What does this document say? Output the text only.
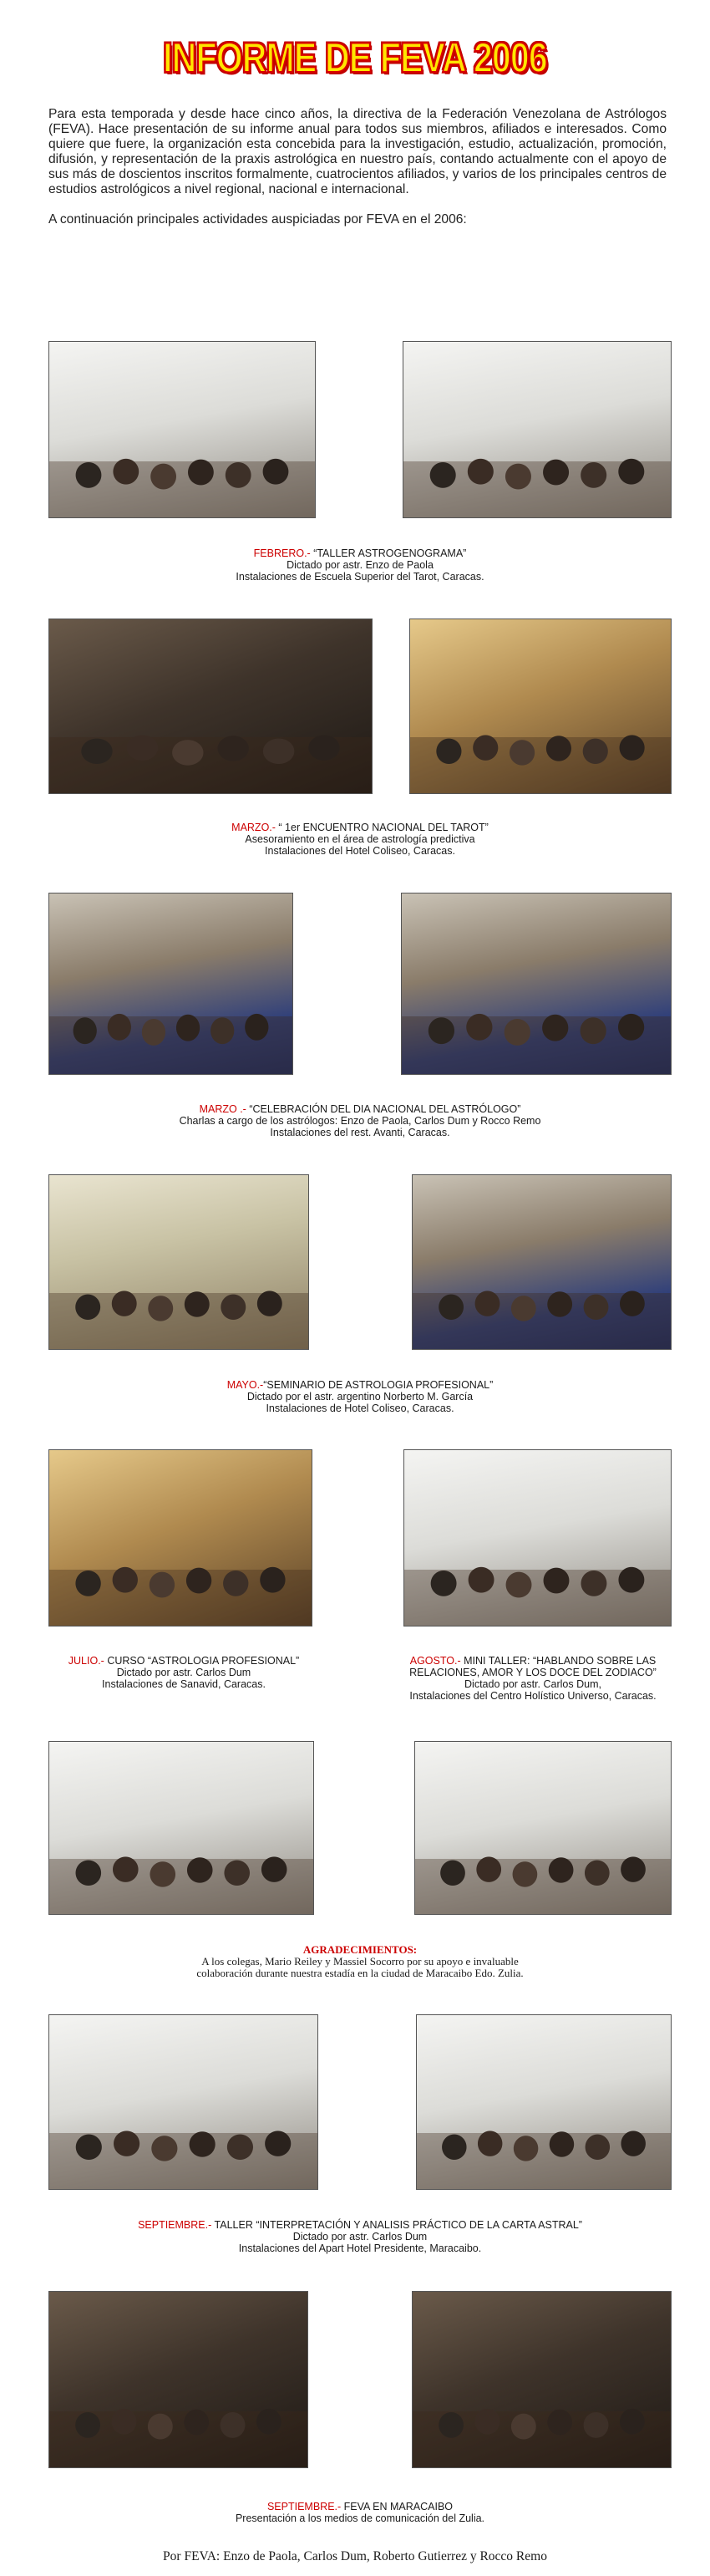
INFORME DE FEVA 2006

Para esta temporada y desde hace cinco años, la directiva de la Federación Venezolana de Astrólogos (FEVA). Hace presentación de su informe anual para todos sus miembros, afiliados e interesados. Como quiere que fuere, la organización esta concebida para la investigación, estudio, actualización, promoción, difusión, y representación de la praxis astrológica en nuestro país, contando actualmente con el apoyo de sus más de doscientos inscritos formalmente, cuatrocientos afiliados, y varios de los principales centros de estudios astrológicos a nivel regional, nacional e internacional.

A continuación principales actividades auspiciadas por FEVA en el 2006:

FEBRERO.- “TALLER ASTROGENOGRAMA”
Dictado por astr. Enzo de Paola
Instalaciones de Escuela Superior del Tarot, Caracas.
MARZO.- “ 1er ENCUENTRO NACIONAL DEL TAROT”
Asesoramiento en el área de astrología predictiva
Instalaciones del Hotel Coliseo, Caracas.
MARZO .- “CELEBRACIÓN DEL DIA NACIONAL DEL ASTRÓLOGO”
Charlas a cargo de los astrólogos: Enzo de Paola, Carlos Dum y Rocco Remo
Instalaciones del rest. Avanti, Caracas.
MAYO.-“SEMINARIO DE ASTROLOGIA PROFESIONAL”
Dictado por el astr. argentino Norberto M. García
Instalaciones de Hotel Coliseo, Caracas.
JULIO.- CURSO “ASTROLOGIA PROFESIONAL”
Dictado por astr. Carlos Dum
Instalaciones de Sanavid, Caracas.
AGOSTO.- MINI TALLER: “HABLANDO SOBRE LAS
RELACIONES, AMOR Y LOS DOCE DEL ZODIACO”
Dictado por astr. Carlos Dum,
Instalaciones del Centro Holístico Universo, Caracas.
AGRADECIMIENTOS:
A los colegas, Mario Reiley y Massiel Socorro por su apoyo e invaluable
colaboración durante nuestra estadía en la ciudad de Maracaibo Edo. Zulia.
SEPTIEMBRE.- TALLER “INTERPRETACIÓN Y ANALISIS PRÁCTICO DE LA CARTA ASTRAL”
Dictado por astr. Carlos Dum
Instalaciones del Apart Hotel Presidente, Maracaibo.
SEPTIEMBRE.- FEVA EN MARACAIBO
Presentación a los medios de comunicación del Zulia.
Por FEVA: Enzo de Paola, Carlos Dum, Roberto Gutierrez y Rocco Remo
